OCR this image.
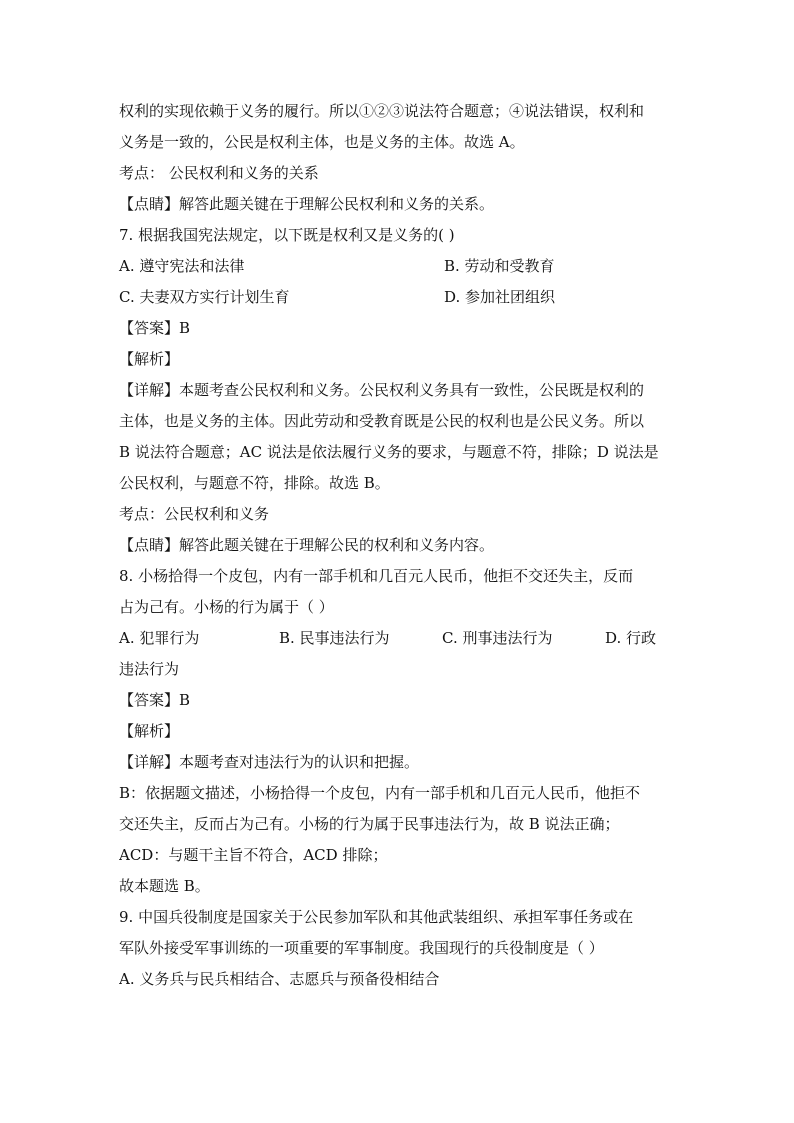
权利的实现依赖于义务的履行。所以①②③说法符合题意；④说法错误，权利和
义务是一致的，公民是权利主体，也是义务的主体。故选 A。
考点： 公民权利和义务的关系
【点睛】解答此题关键在于理解公民权利和义务的关系。
7. 根据我国宪法规定，以下既是权利又是义务的( )
A. 遵守宪法和法律	B. 劳动和受教育
C. 夫妻双方实行计划生育	D. 参加社团组织
【答案】B
【解析】
【详解】本题考查公民权利和义务。公民权利义务具有一致性，公民既是权利的
主体，也是义务的主体。因此劳动和受教育既是公民的权利也是公民义务。所以
B 说法符合题意；AC 说法是依法履行义务的要求，与题意不符，排除；D 说法是
公民权利，与题意不符，排除。故选 B。
考点：公民权利和义务
【点睛】解答此题关键在于理解公民的权利和义务内容。
8. 小杨拾得一个皮包，内有一部手机和几百元人民币，他拒不交还失主，反而
占为己有。小杨的行为属于（ ）
A. 犯罪行为	B. 民事违法行为	C. 刑事违法行为	D. 行政
违法行为
【答案】B
【解析】
【详解】本题考查对违法行为的认识和把握。
B：依据题文描述，小杨拾得一个皮包，内有一部手机和几百元人民币，他拒不
交还失主，反而占为己有。小杨的行为属于民事违法行为，故 B 说法正确；
ACD：与题干主旨不符合，ACD 排除；
故本题选 B。
9. 中国兵役制度是国家关于公民参加军队和其他武装组织、承担军事任务或在
军队外接受军事训练的一项重要的军事制度。我国现行的兵役制度是（ ）
A. 义务兵与民兵相结合、志愿兵与预备役相结合
